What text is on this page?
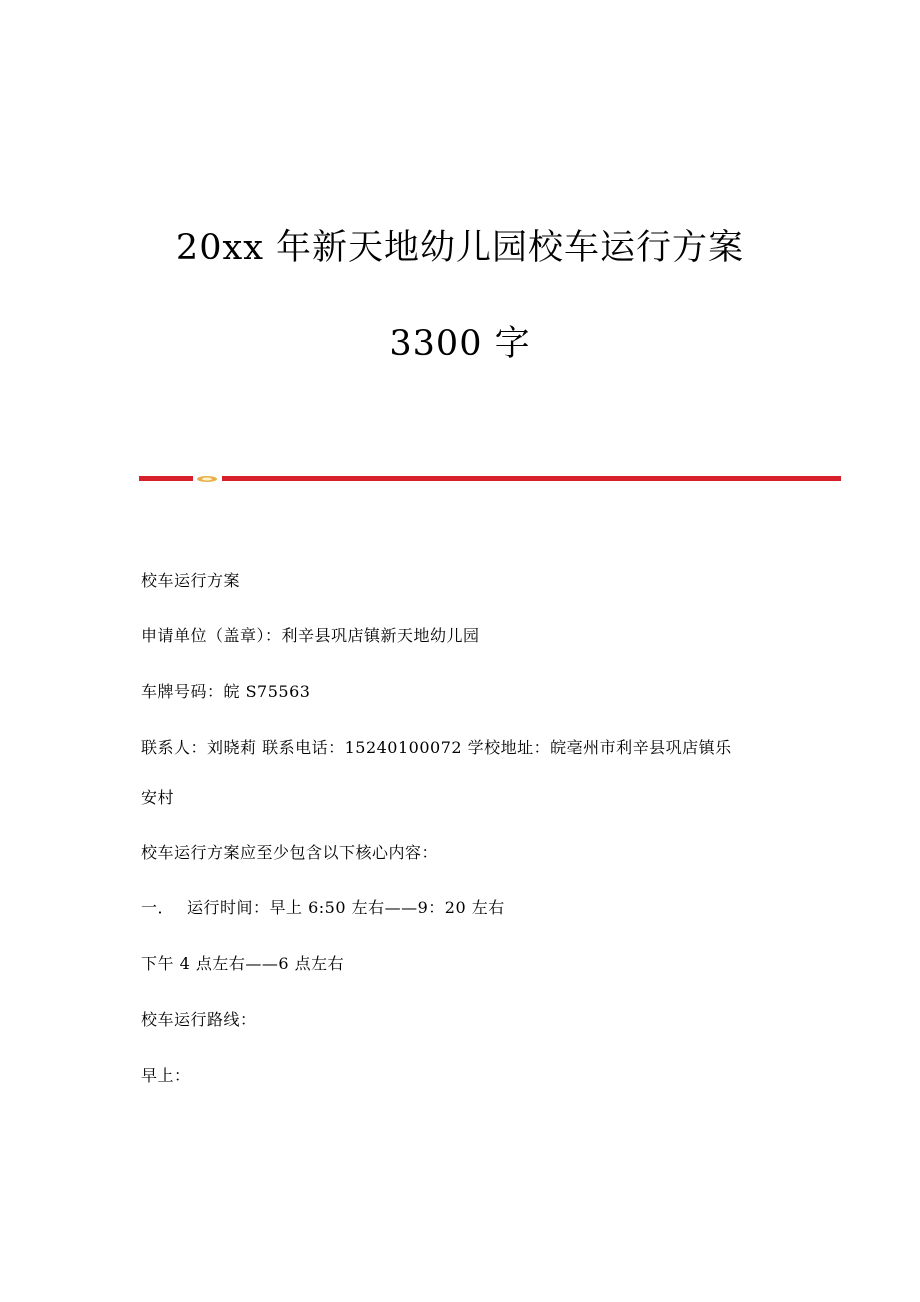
20xx 年新天地幼儿园校车运行方案
3300 字
校车运行方案
申请单位（盖章）：利辛县巩店镇新天地幼儿园
车牌号码：皖 S75563
联系人：刘晓莉 联系电话：15240100072 学校地址：皖亳州市利辛县巩店镇乐
安村
校车运行方案应至少包含以下核心内容：
一． 运行时间：早上 6:50 左右——9：20 左右
下午 4 点左右——6 点左右
校车运行路线：
早上：
